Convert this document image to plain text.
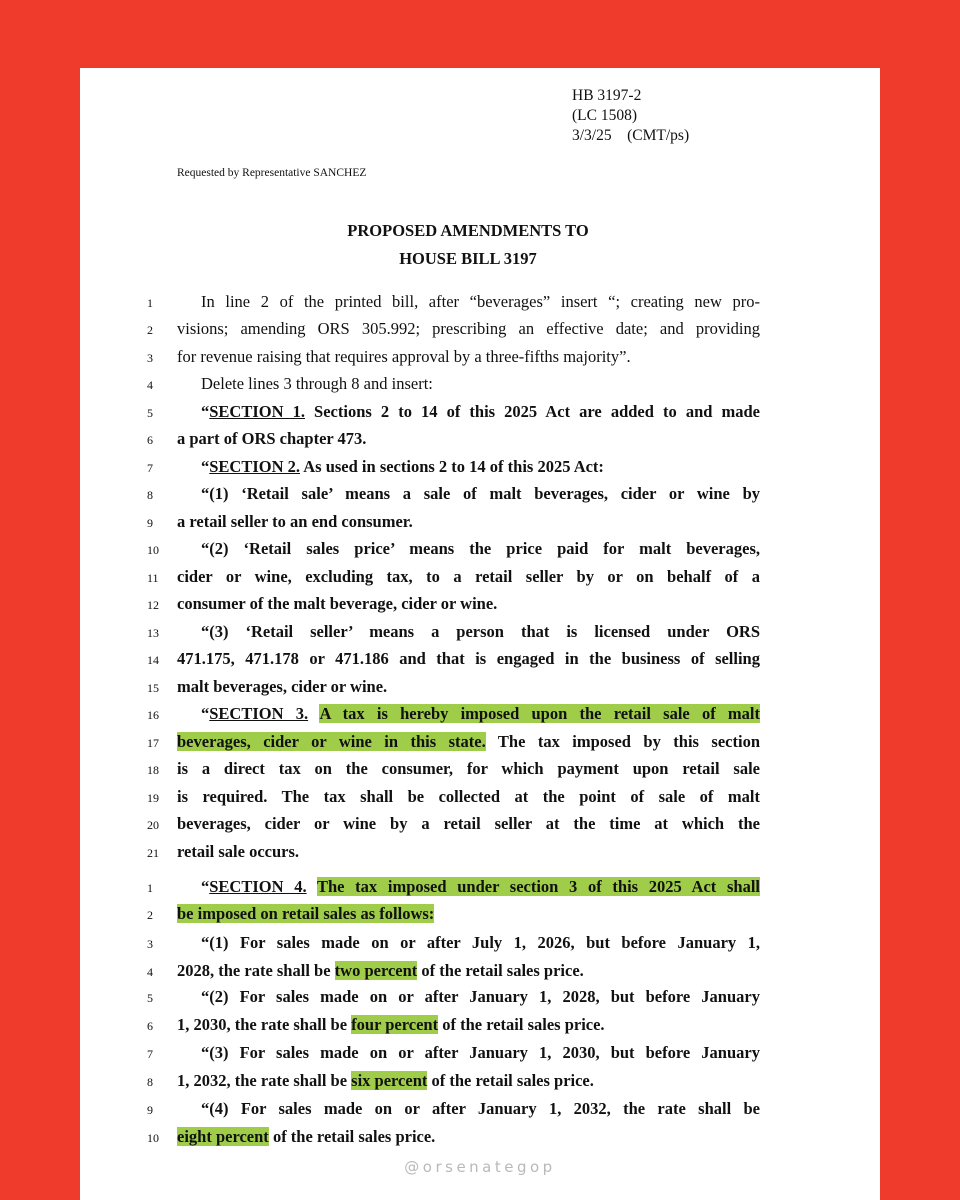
HB 3197-2
(LC 1508)
3/3/25 (CMT/ps)
Requested by Representative SANCHEZ
PROPOSED AMENDMENTS TO
HOUSE BILL 3197
1	In line 2 of the printed bill, after “beverages” insert “; creating new pro-
2	visions; amending ORS 305.992; prescribing an effective date; and providing
3	for revenue raising that requires approval by a three-fifths majority”.
4	Delete lines 3 through 8 and insert:
5	“SECTION 1. Sections 2 to 14 of this 2025 Act are added to and made
6	a part of ORS chapter 473.
7	“SECTION 2. As used in sections 2 to 14 of this 2025 Act:
8	“(1) ‘Retail sale’ means a sale of malt beverages, cider or wine by
9	a retail seller to an end consumer.
10	“(2) ‘Retail sales price’ means the price paid for malt beverages,
11 cider or wine, excluding tax, to a retail seller by or on behalf of a
12 consumer of the malt beverage, cider or wine.
13	“(3) ‘Retail seller’ means a person that is licensed under ORS
14 471.175, 471.178 or 471.186 and that is engaged in the business of selling
15 malt beverages, cider or wine.
16	“SECTION 3. A tax is hereby imposed upon the retail sale of malt
17 beverages, cider or wine in this state. The tax imposed by this section
18 is a direct tax on the consumer, for which payment upon retail sale
19 is required. The tax shall be collected at the point of sale of malt
20 beverages, cider or wine by a retail seller at the time at which the
21 retail sale occurs.
1	“SECTION 4. The tax imposed under section 3 of this 2025 Act shall
2	be imposed on retail sales as follows:
3	“(1) For sales made on or after July 1, 2026, but before January 1,
4	2028, the rate shall be two percent of the retail sales price.
5	“(2) For sales made on or after January 1, 2028, but before January
6	1, 2030, the rate shall be four percent of the retail sales price.
7	“(3) For sales made on or after January 1, 2030, but before January
8	1, 2032, the rate shall be six percent of the retail sales price.
9	“(4) For sales made on or after January 1, 2032, the rate shall be
10 eight percent of the retail sales price.
@orsenategop
